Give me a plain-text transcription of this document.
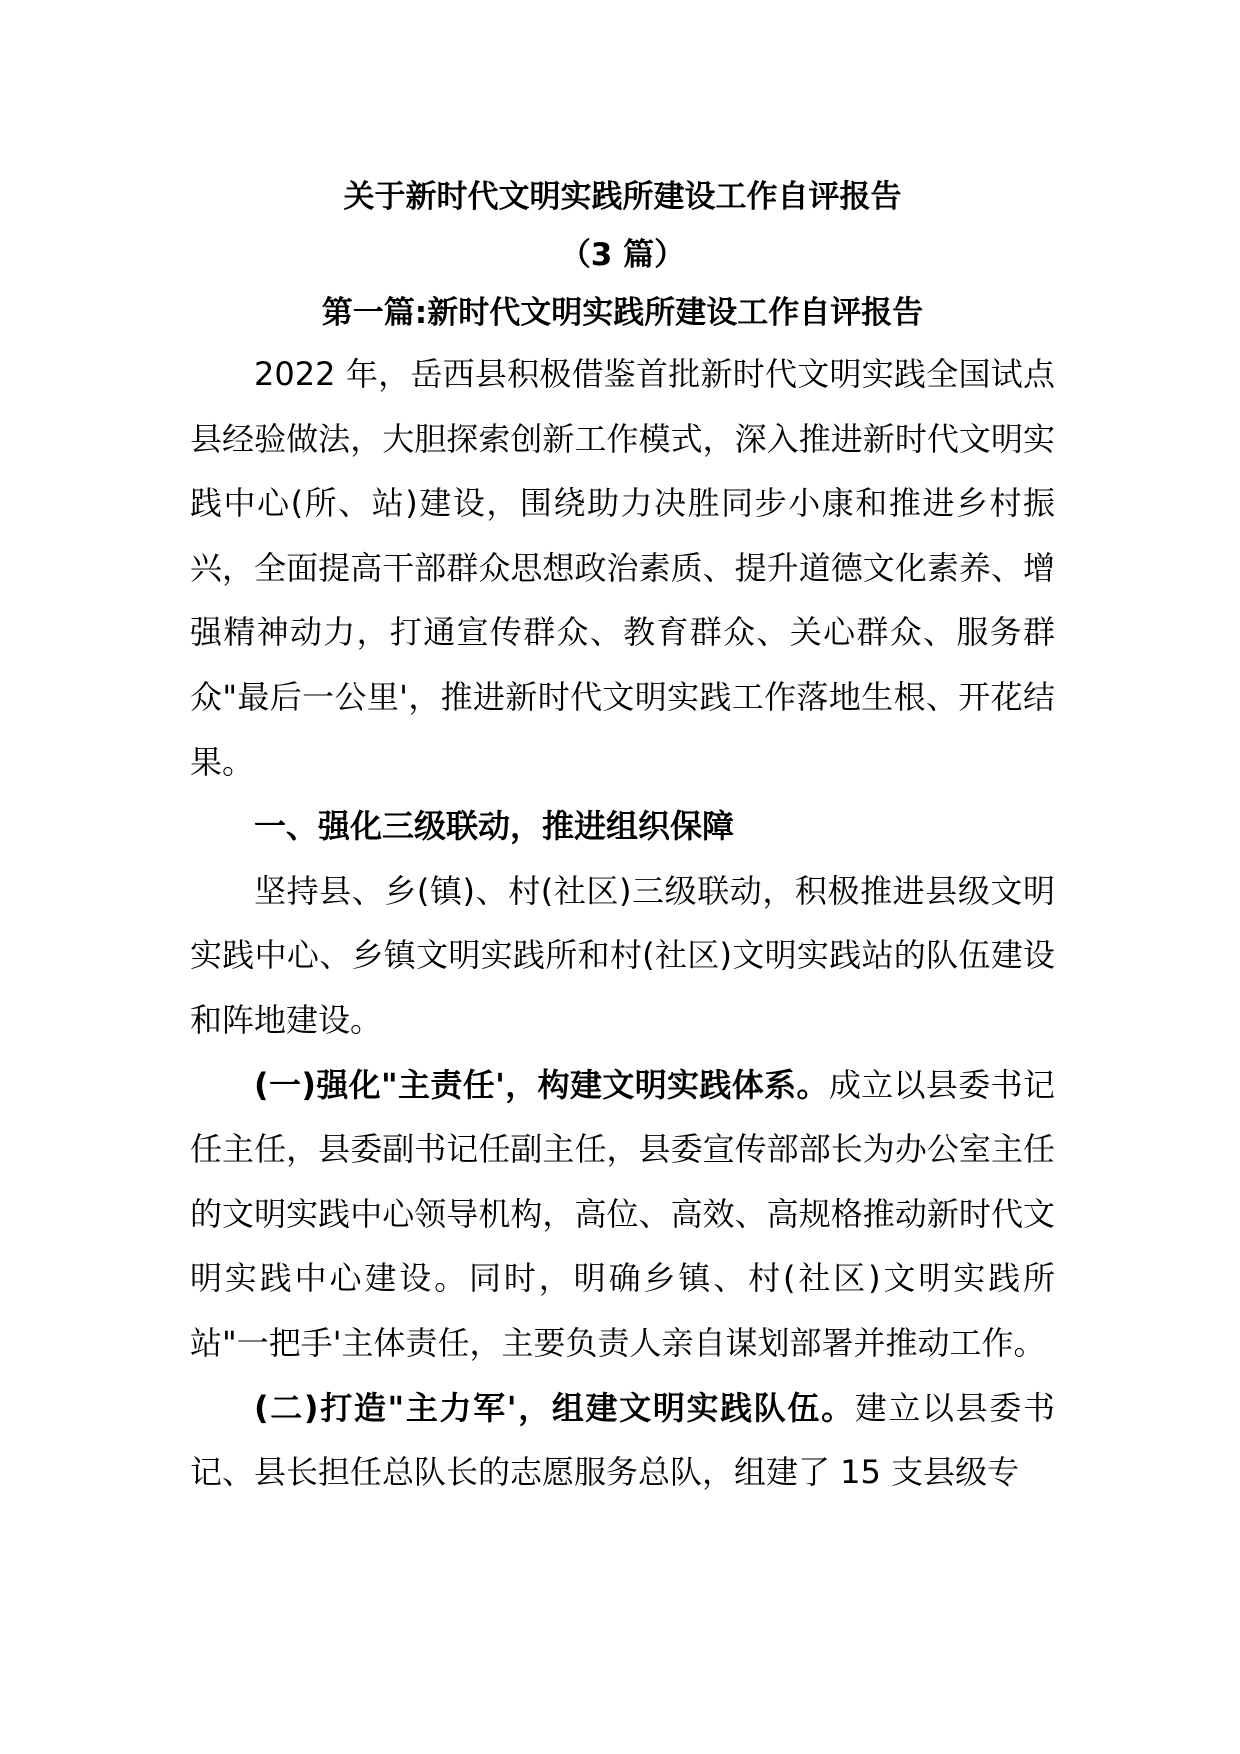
关于新时代文明实践所建设工作自评报告

（3 篇）

第一篇:新时代文明实践所建设工作自评报告

2022 年，岳西县积极借鉴首批新时代文明实践全国试点县经验做法，大胆探索创新工作模式，深入推进新时代文明实践中心(所、站)建设，围绕助力决胜同步小康和推进乡村振兴，全面提高干部群众思想政治素质、提升道德文化素养、增强精神动力，打通宣传群众、教育群众、关心群众、服务群众"最后一公里'，推进新时代文明实践工作落地生根、开花结果。

一、强化三级联动，推进组织保障

坚持县、乡(镇)、村(社区)三级联动，积极推进县级文明实践中心、乡镇文明实践所和村(社区)文明实践站的队伍建设和阵地建设。

(一)强化"主责任'，构建文明实践体系。成立以县委书记任主任，县委副书记任副主任，县委宣传部部长为办公室主任的文明实践中心领导机构，高位、高效、高规格推动新时代文明实践中心建设。同时，明确乡镇、村(社区)文明实践所站"一把手'主体责任，主要负责人亲自谋划部署并推动工作。

(二)打造"主力军'，组建文明实践队伍。建立以县委书记、县长担任总队长的志愿服务总队，组建了 15 支县级专
